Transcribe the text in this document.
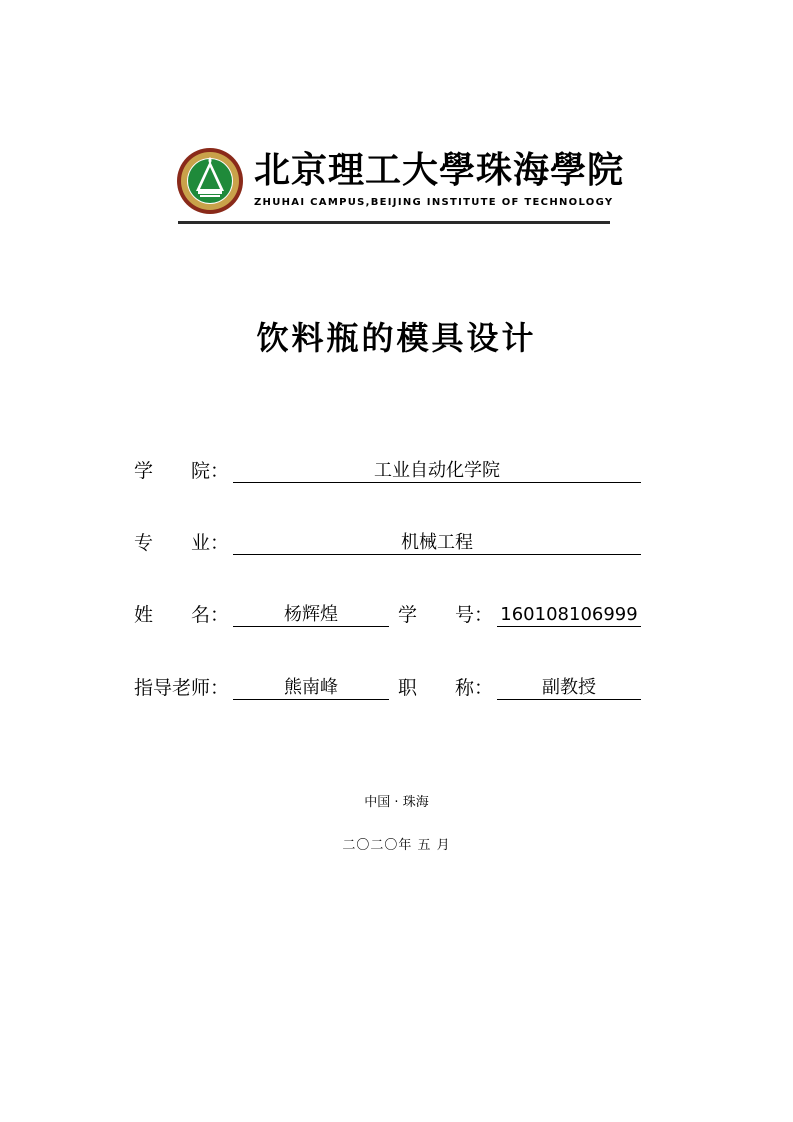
北京理工大學珠海學院
ZHUHAI CAMPUS,BEIJING INSTITUTE OF TECHNOLOGY
饮料瓶的模具设计
学　　院：	工业自动化学院
专　　业：	机械工程
姓　　名：	杨辉煌	学　　号： 160108106999
指导老师：	熊南峰	职　　称：	副教授
中国 · 珠海
二〇二〇年 五 月
